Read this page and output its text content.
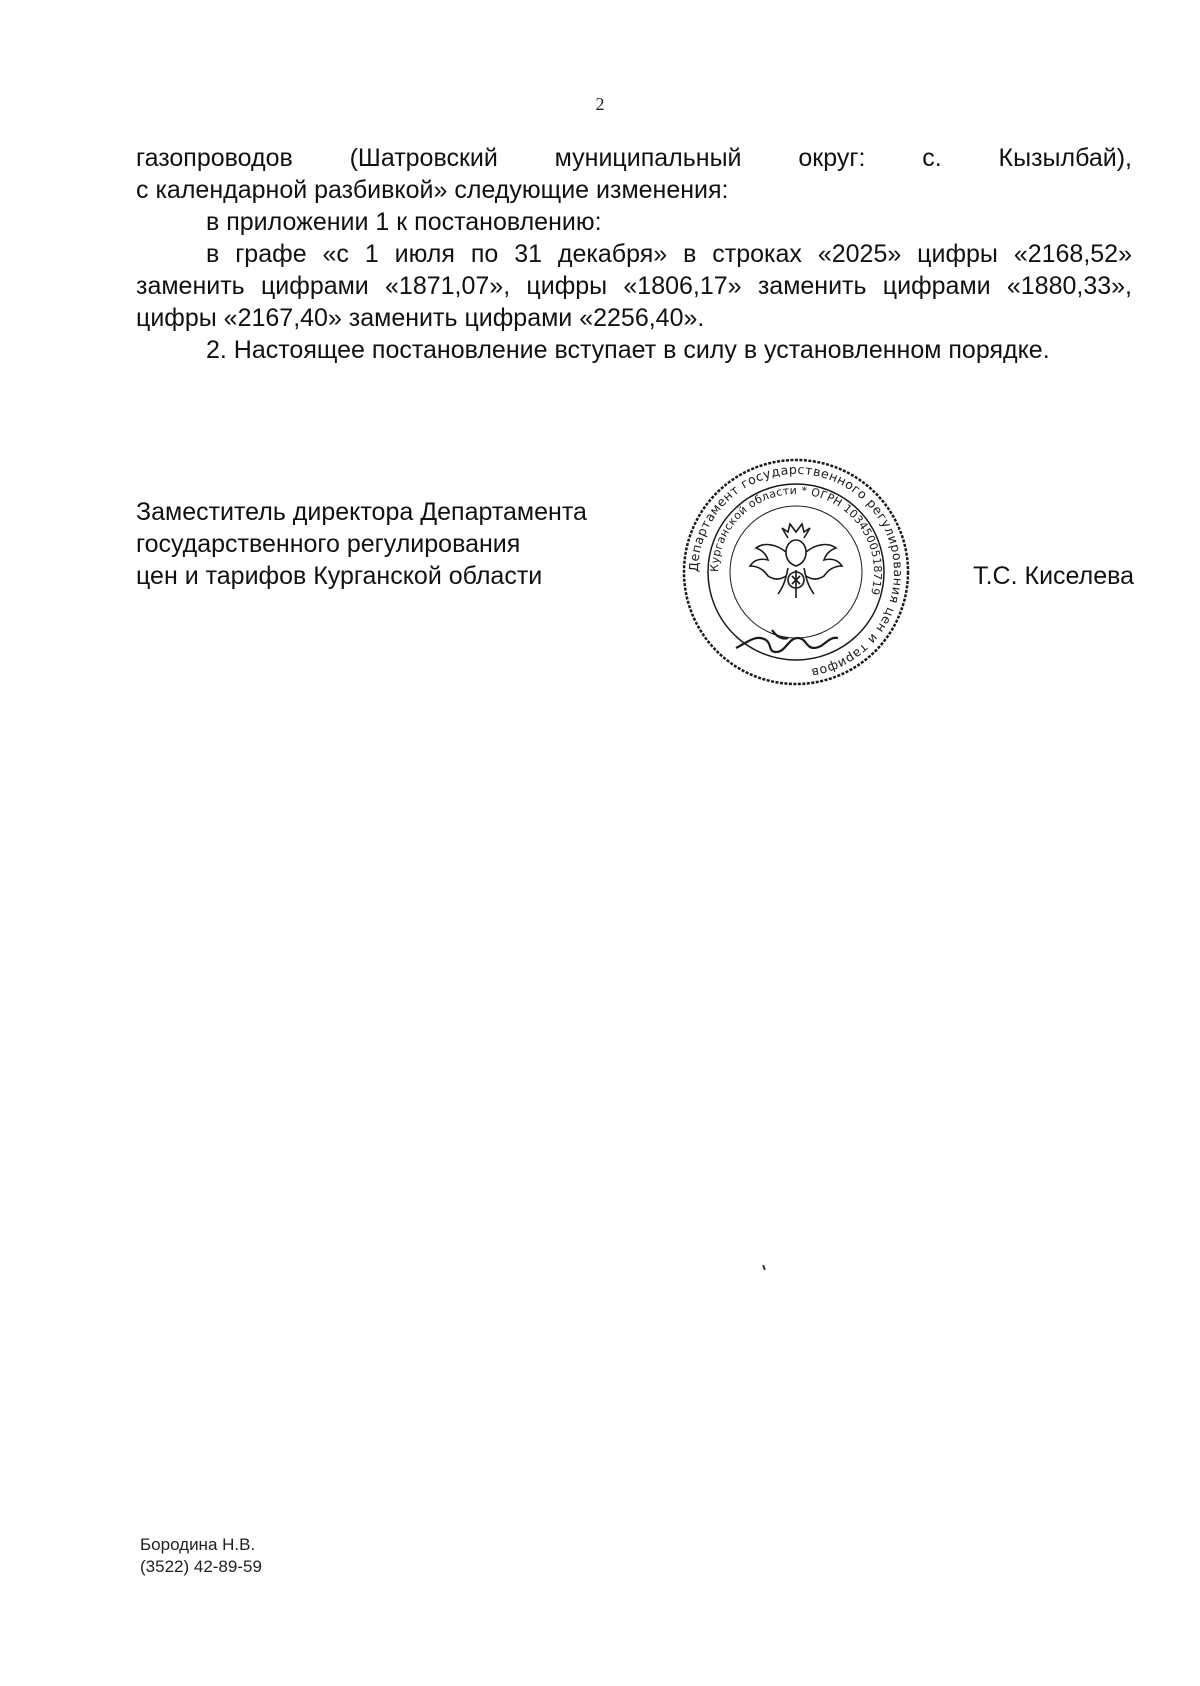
2

газопроводов (Шатровский муниципальный округ: с. Кызылбай),

с календарной разбивкой» следующие изменения:

в приложении 1 к постановлению:

в графе «с 1 июля по 31 декабря» в строках «2025» цифры «2168,52» заменить цифрами «1871,07», цифры «1806,17» заменить цифрами «1880,33», цифры «2167,40» заменить цифрами «2256,40».

2. Настоящее постановление вступает в силу в установленном порядке.

Заместитель директора Департамента
государственного регулирования
цен и тарифов Курганской области	Департамент государственного регулирования цен и тарифов
Курганской области * ОГРН 1034500518719
Т.С. Киселева
Бородина Н.В.
(3522) 42-89-59
